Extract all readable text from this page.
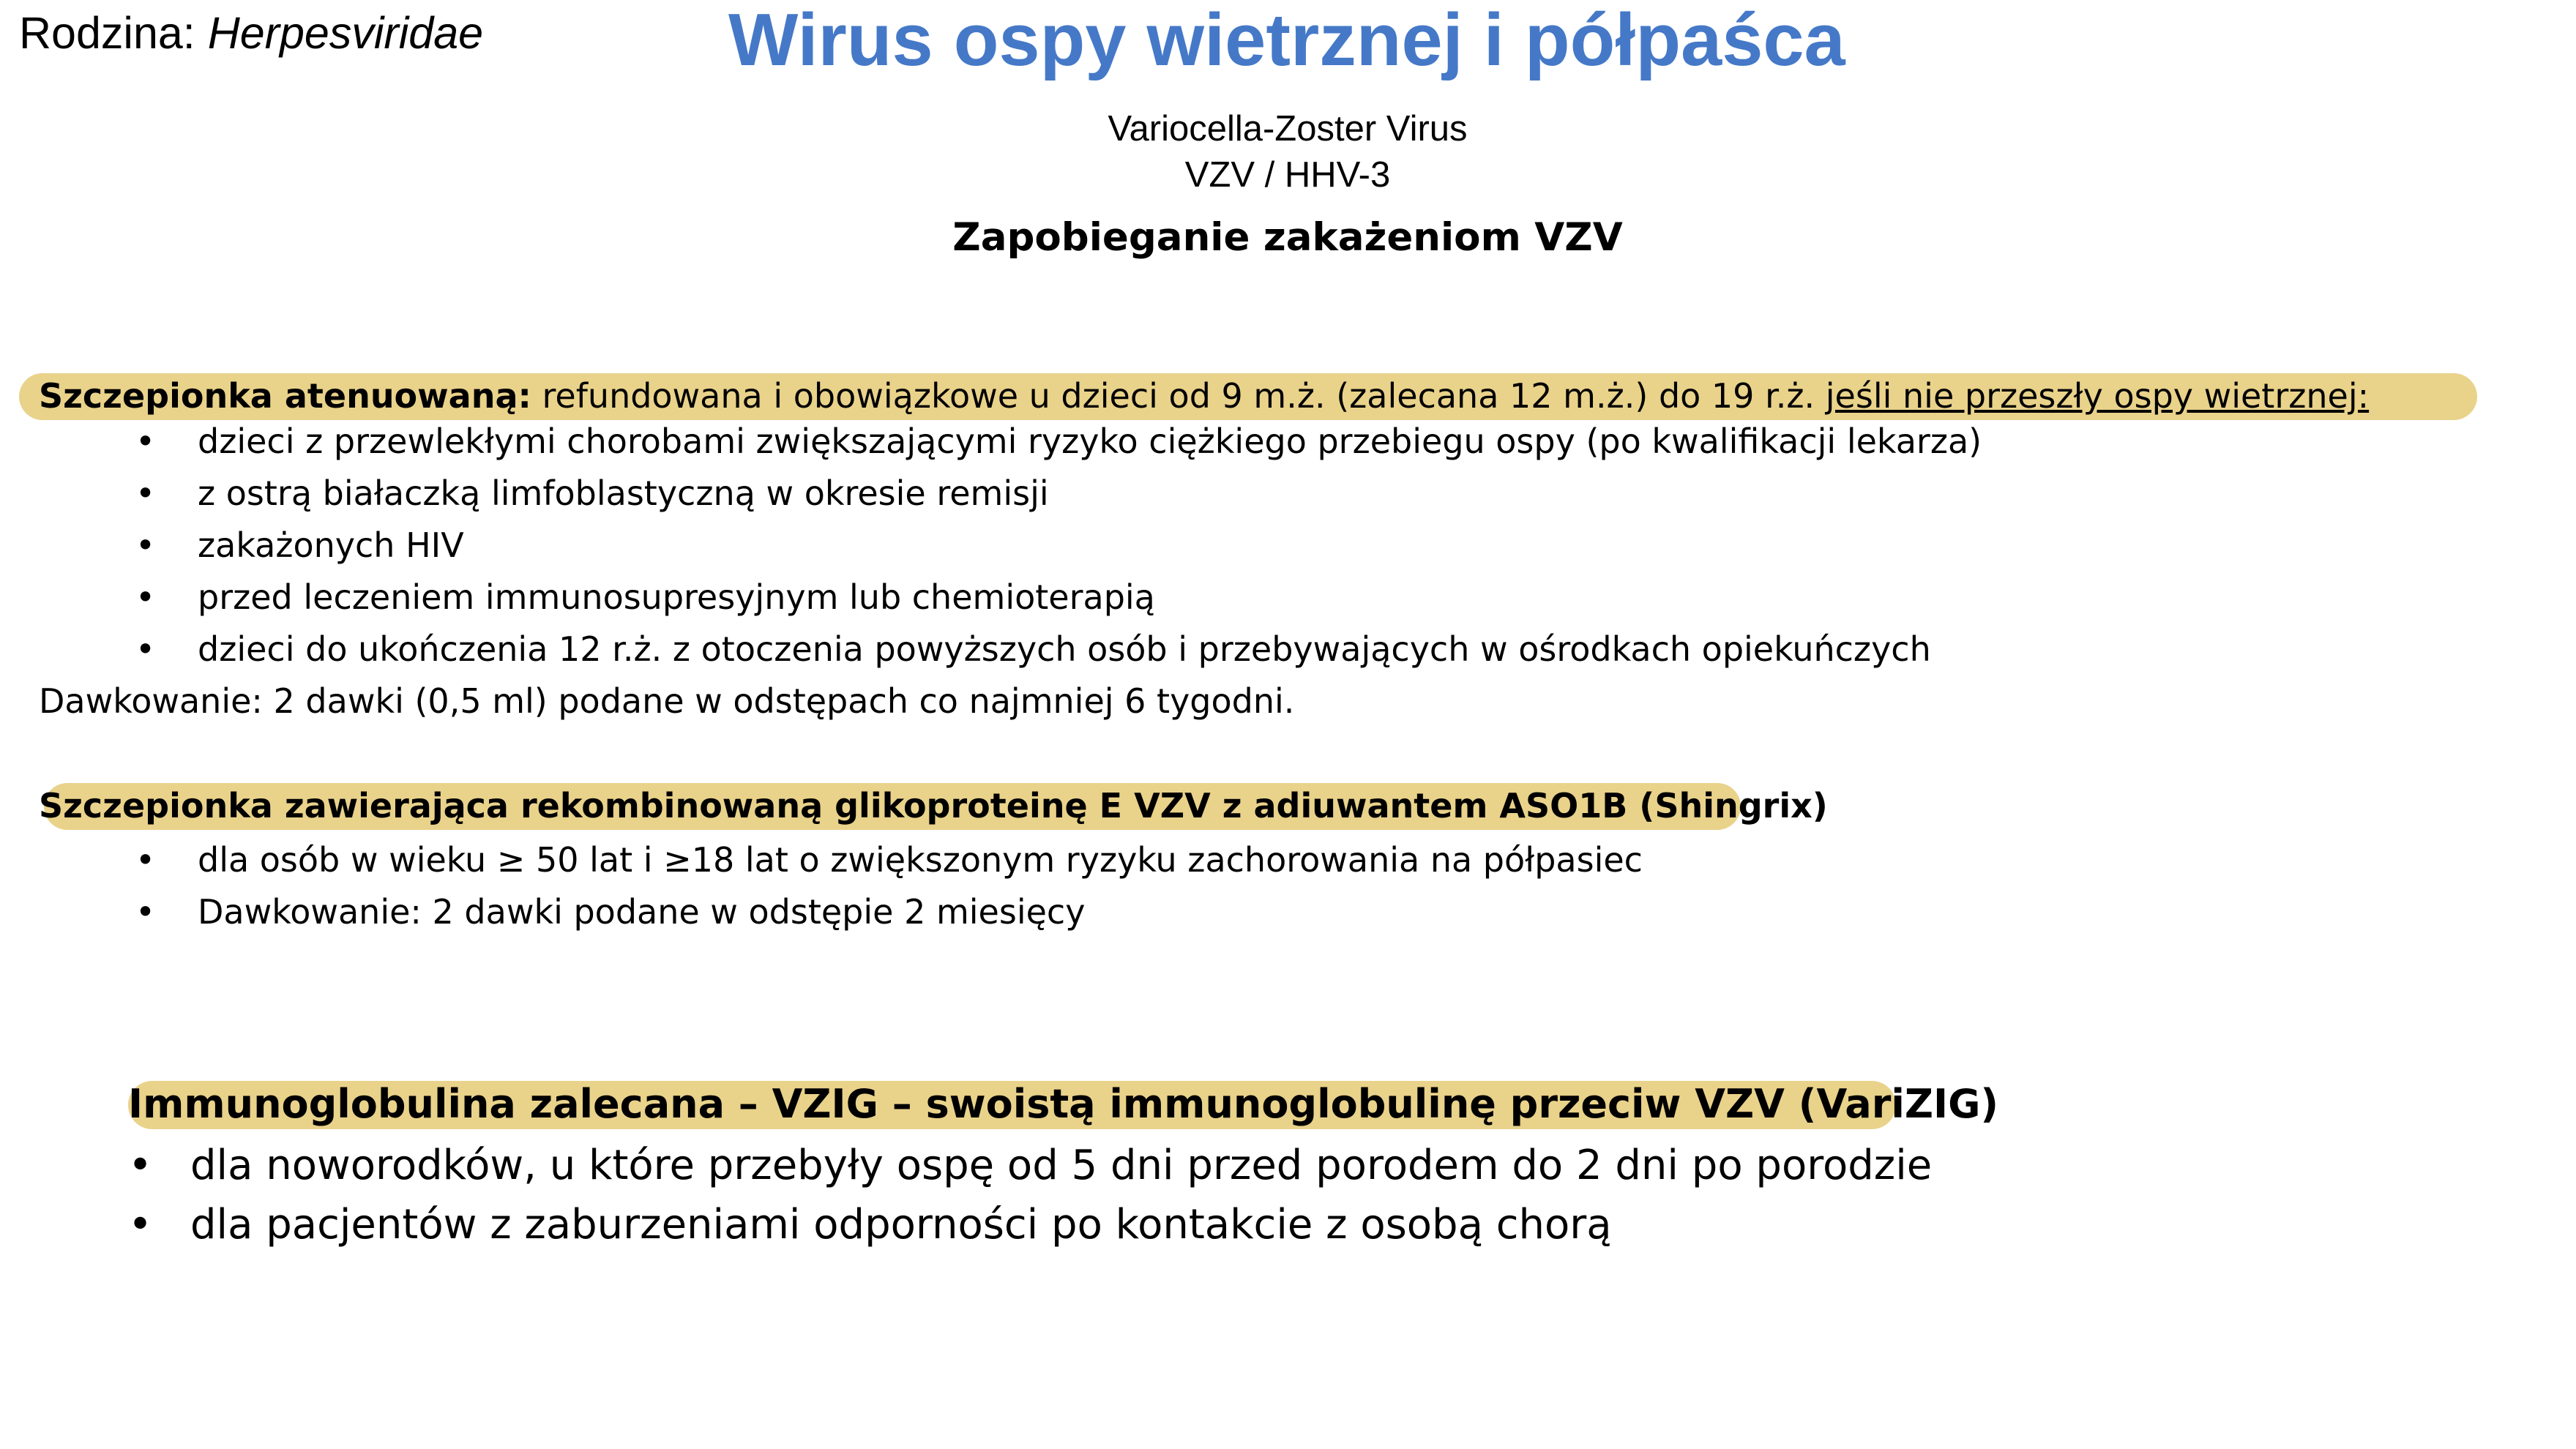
Rodzina: Herpesviridae	Wirus ospy wietrznej i półpaśca
Variocella-Zoster Virus
VZV / HHV-3
Zapobieganie zakażeniom VZV
Szczepionka atenuowaną: refundowana i obowiązkowe u dzieci od 9 m.ż. (zalecana 12 m.ż.) do 19 r.ż. jeśli nie przeszły ospy wietrznej:
• dzieci z przewlekłymi chorobami zwiększającymi ryzyko ciężkiego przebiegu ospy (po kwalifikacji lekarza)
• z ostrą białaczką limfoblastyczną w okresie remisji
• zakażonych HIV
• przed leczeniem immunosupresyjnym lub chemioterapią
• dzieci do ukończenia 12 r.ż. z otoczenia powyższych osób i przebywających w ośrodkach opiekuńczych
Dawkowanie: 2 dawki (0,5 ml) podane w odstępach co najmniej 6 tygodni.
Szczepionka zawierająca rekombinowaną glikoproteinę E VZV z adiuwantem ASO1B (Shingrix)
• dla osób w wieku ≥ 50 lat i ≥18 lat o zwiększonym ryzyku zachorowania na półpasiec
• Dawkowanie: 2 dawki podane w odstępie 2 miesięcy
Immunoglobulina zalecana – VZIG – swoistą immunoglobulinę przeciw VZV (VariZIG)
• dla noworodków, u które przebyły ospę od 5 dni przed porodem do 2 dni po porodzie
• dla pacjentów z zaburzeniami odporności po kontakcie z osobą chorą
